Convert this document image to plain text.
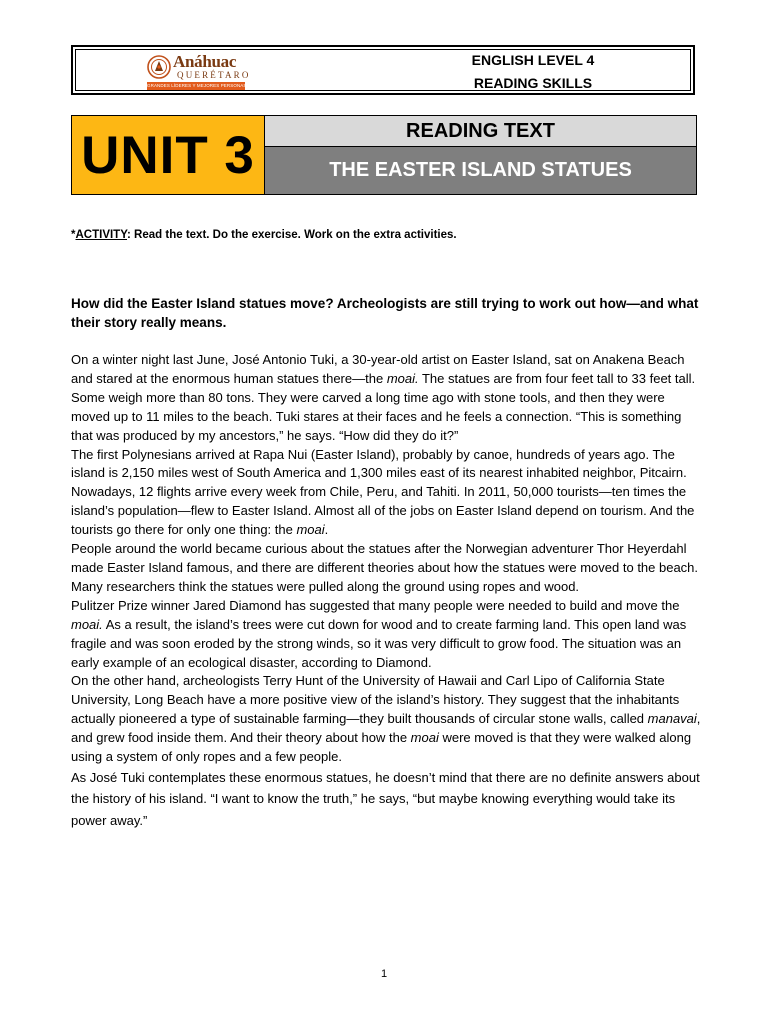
Anáhuac
QUERÉTARO
GRANDES LÍDERES Y MEJORES PERSONAS
ENGLISH LEVEL 4
READING SKILLS
UNIT 3	READING TEXT
THE EASTER ISLAND STATUES
*ACTIVITY: Read the text. Do the exercise. Work on the extra activities.
How did the Easter Island statues move? Archeologists are still trying to work out how—and what their story really means.

On a winter night last June, José Antonio Tuki, a 30-year-old artist on Easter Island, sat on Anakena Beach and stared at the enormous human statues there—the moai. The statues are from four feet tall to 33 feet tall. Some weigh more than 80 tons. They were carved a long time ago with stone tools, and then they were moved up to 11 miles to the beach. Tuki stares at their faces and he feels a connection. “This is something that was produced by my ancestors,” he says. “How did they do it?”

The first Polynesians arrived at Rapa Nui (Easter Island), probably by canoe, hundreds of years ago. The island is 2,150 miles west of South America and 1,300 miles east of its nearest inhabited neighbor, Pitcairn. Nowadays, 12 flights arrive every week from Chile, Peru, and Tahiti. In 2011, 50,000 tourists—ten times the island’s population—flew to Easter Island. Almost all of the jobs on Easter Island depend on tourism. And the tourists go there for only one thing: the moai.

People around the world became curious about the statues after the Norwegian adventurer Thor Heyerdahl made Easter Island famous, and there are different theories about how the statues were moved to the beach. Many researchers think the statues were pulled along the ground using ropes and wood.

Pulitzer Prize winner Jared Diamond has suggested that many people were needed to build and move the moai. As a result, the island’s trees were cut down for wood and to create farming land. This open land was fragile and was soon eroded by the strong winds, so it was very difficult to grow food. The situation was an early example of an ecological disaster, according to Diamond.

On the other hand, archeologists Terry Hunt of the University of Hawaii and Carl Lipo of California State University, Long Beach have a more positive view of the island’s history. They suggest that the inhabitants actually pioneered a type of sustainable farming—they built thousands of circular stone walls, called manavai, and grew food inside them. And their theory about how the moai were moved is that they were walked along using a system of only ropes and a few people.

As José Tuki contemplates these enormous statues, he doesn’t mind that there are no definite answers about the history of his island. “I want to know the truth,” he says, “but maybe knowing everything would take its power away.”

1
